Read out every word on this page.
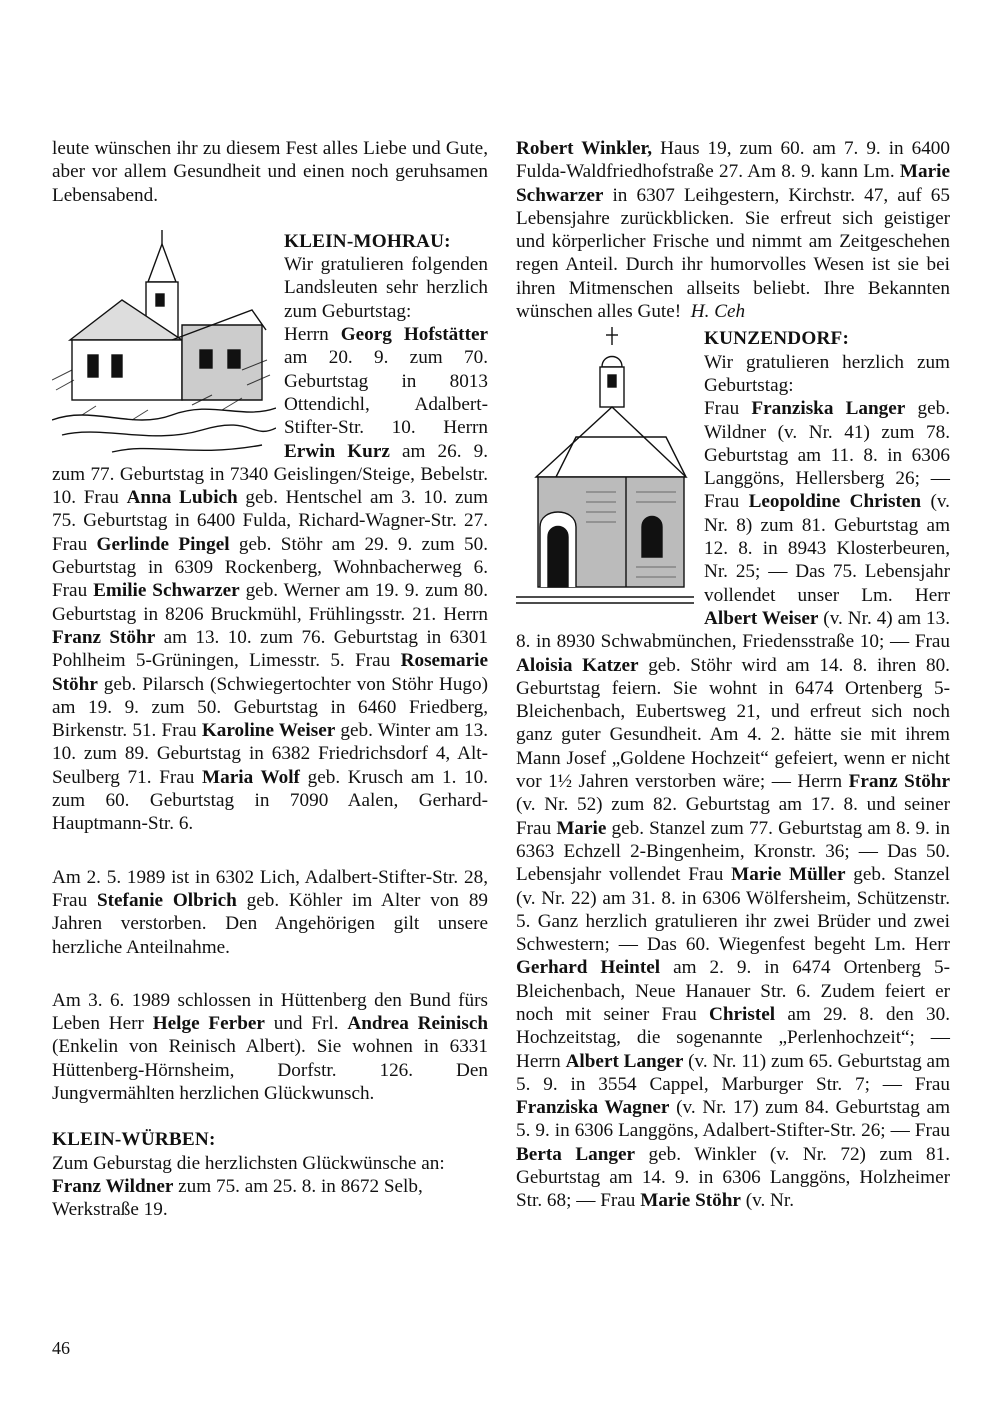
leute wünschen ihr zu diesem Fest alles Liebe und Gute, aber vor allem Gesundheit und einen noch geruhsamen Lebensabend.

KLEIN-MOHRAU:

Wir gratulieren folgenden Landsleuten sehr herzlich zum Geburtstag:

Herrn Georg Hofstätter am 20. 9. zum 70. Geburtstag in 8013 Ottendichl, Adalbert-Stifter-Str. 10. Herrn Erwin Kurz am 26. 9. zum 77. Geburtstag in 7340 Geislingen/Steige, Bebelstr. 10. Frau Anna Lubich geb. Hentschel am 3. 10. zum 75. Geburtstag in 6400 Fulda, Richard-Wagner-Str. 27. Frau Gerlinde Pingel geb. Stöhr am 29. 9. zum 50. Geburtstag in 6309 Rockenberg, Wohnbacherweg 6. Frau Emilie Schwarzer geb. Werner am 19. 9. zum 80. Geburtstag in 8206 Bruckmühl, Frühlingsstr. 21. Herrn Franz Stöhr am 13. 10. zum 76. Geburtstag in 6301 Pohlheim 5-Grüningen, Limesstr. 5. Frau Rosemarie Stöhr geb. Pilarsch (Schwiegertochter von Stöhr Hugo) am 19. 9. zum 50. Geburtstag in 6460 Friedberg, Birkenstr. 51. Frau Karoline Weiser geb. Winter am 13. 10. zum 89. Geburtstag in 6382 Friedrichsdorf 4, Alt-Seulberg 71. Frau Maria Wolf geb. Krusch am 1. 10. zum 60. Geburtstag in 7090 Aalen, Gerhard-Hauptmann-Str. 6.

Am 2. 5. 1989 ist in 6302 Lich, Adalbert-Stifter-Str. 28, Frau Stefanie Olbrich geb. Köhler im Alter von 89 Jahren verstorben. Den Angehörigen gilt unsere herzliche Anteilnahme.

Am 3. 6. 1989 schlossen in Hüttenberg den Bund fürs Leben Herr Helge Ferber und Frl. Andrea Reinisch (Enkelin von Reinisch Albert). Sie wohnen in 6331 Hüttenberg-Hörnsheim, Dorfstr. 126. Den Jungvermählten herzlichen Glückwunsch.

KLEIN-WÜRBEN:

Zum Geburstag die herzlichsten Glückwünsche an:

Franz Wildner zum 75. am 25. 8. in 8672 Selb, Werkstraße 19.

Robert Winkler, Haus 19, zum 60. am 7. 9. in 6400 Fulda-Waldfriedhofstraße 27. Am 8. 9. kann Lm. Marie Schwarzer in 6307 Leihgestern, Kirchstr. 47, auf 65 Lebensjahre zurückblicken. Sie erfreut sich geistiger und körperlicher Frische und nimmt am Zeitgeschehen regen Anteil. Durch ihr humorvolles Wesen ist sie bei ihren Mitmenschen allseits beliebt. Ihre Bekannten wünschen alles Gute! H. Ceh

KUNZENDORF:

Wir gratulieren herzlich zum Geburtstag:

Frau Franziska Langer geb. Wildner (v. Nr. 41) zum 78. Geburtstag am 11. 8. in 6306 Langgöns, Hellersberg 26; — Frau Leopoldine Christen (v. Nr. 8) zum 81. Geburtstag am 12. 8. in 8943 Klosterbeuren, Nr. 25; — Das 75. Lebensjahr vollendet unser Lm. Herr Albert Weiser (v. Nr. 4) am 13. 8. in 8930 Schwabmünchen, Friedensstraße 10; — Frau Aloisia Katzer geb. Stöhr wird am 14. 8. ihren 80. Geburtstag feiern. Sie wohnt in 6474 Ortenberg 5-Bleichenbach, Eubertsweg 21, und erfreut sich noch ganz guter Gesundheit. Am 4. 2. hätte sie mit ihrem Mann Josef „Goldene Hochzeit“ gefeiert, wenn er nicht vor 1½ Jahren verstorben wäre; — Herrn Franz Stöhr (v. Nr. 52) zum 82. Geburtstag am 17. 8. und seiner Frau Marie geb. Stanzel zum 77. Geburtstag am 8. 9. in 6363 Echzell 2-Bingenheim, Kronstr. 36; — Das 50. Lebensjahr vollendet Frau Marie Müller geb. Stanzel (v. Nr. 22) am 31. 8. in 6306 Wölfersheim, Schützenstr. 5. Ganz herzlich gratulieren ihr zwei Brüder und zwei Schwestern; — Das 60. Wiegenfest begeht Lm. Herr Gerhard Heintel am 2. 9. in 6474 Ortenberg 5-Bleichenbach, Neue Hanauer Str. 6. Zudem feiert er noch mit seiner Frau Christel am 29. 8. den 30. Hochzeitstag, die sogenannte „Perlenhochzeit“; — Herrn Albert Langer (v. Nr. 11) zum 65. Geburtstag am 5. 9. in 3554 Cappel, Marburger Str. 7; — Frau Franziska Wagner (v. Nr. 17) zum 84. Geburtstag am 5. 9. in 6306 Langgöns, Adalbert-Stifter-Str. 26; — Frau Berta Langer geb. Winkler (v. Nr. 72) zum 81. Geburtstag am 14. 9. in 6306 Langgöns, Holzheimer Str. 68; — Frau Marie Stöhr (v. Nr.

46
